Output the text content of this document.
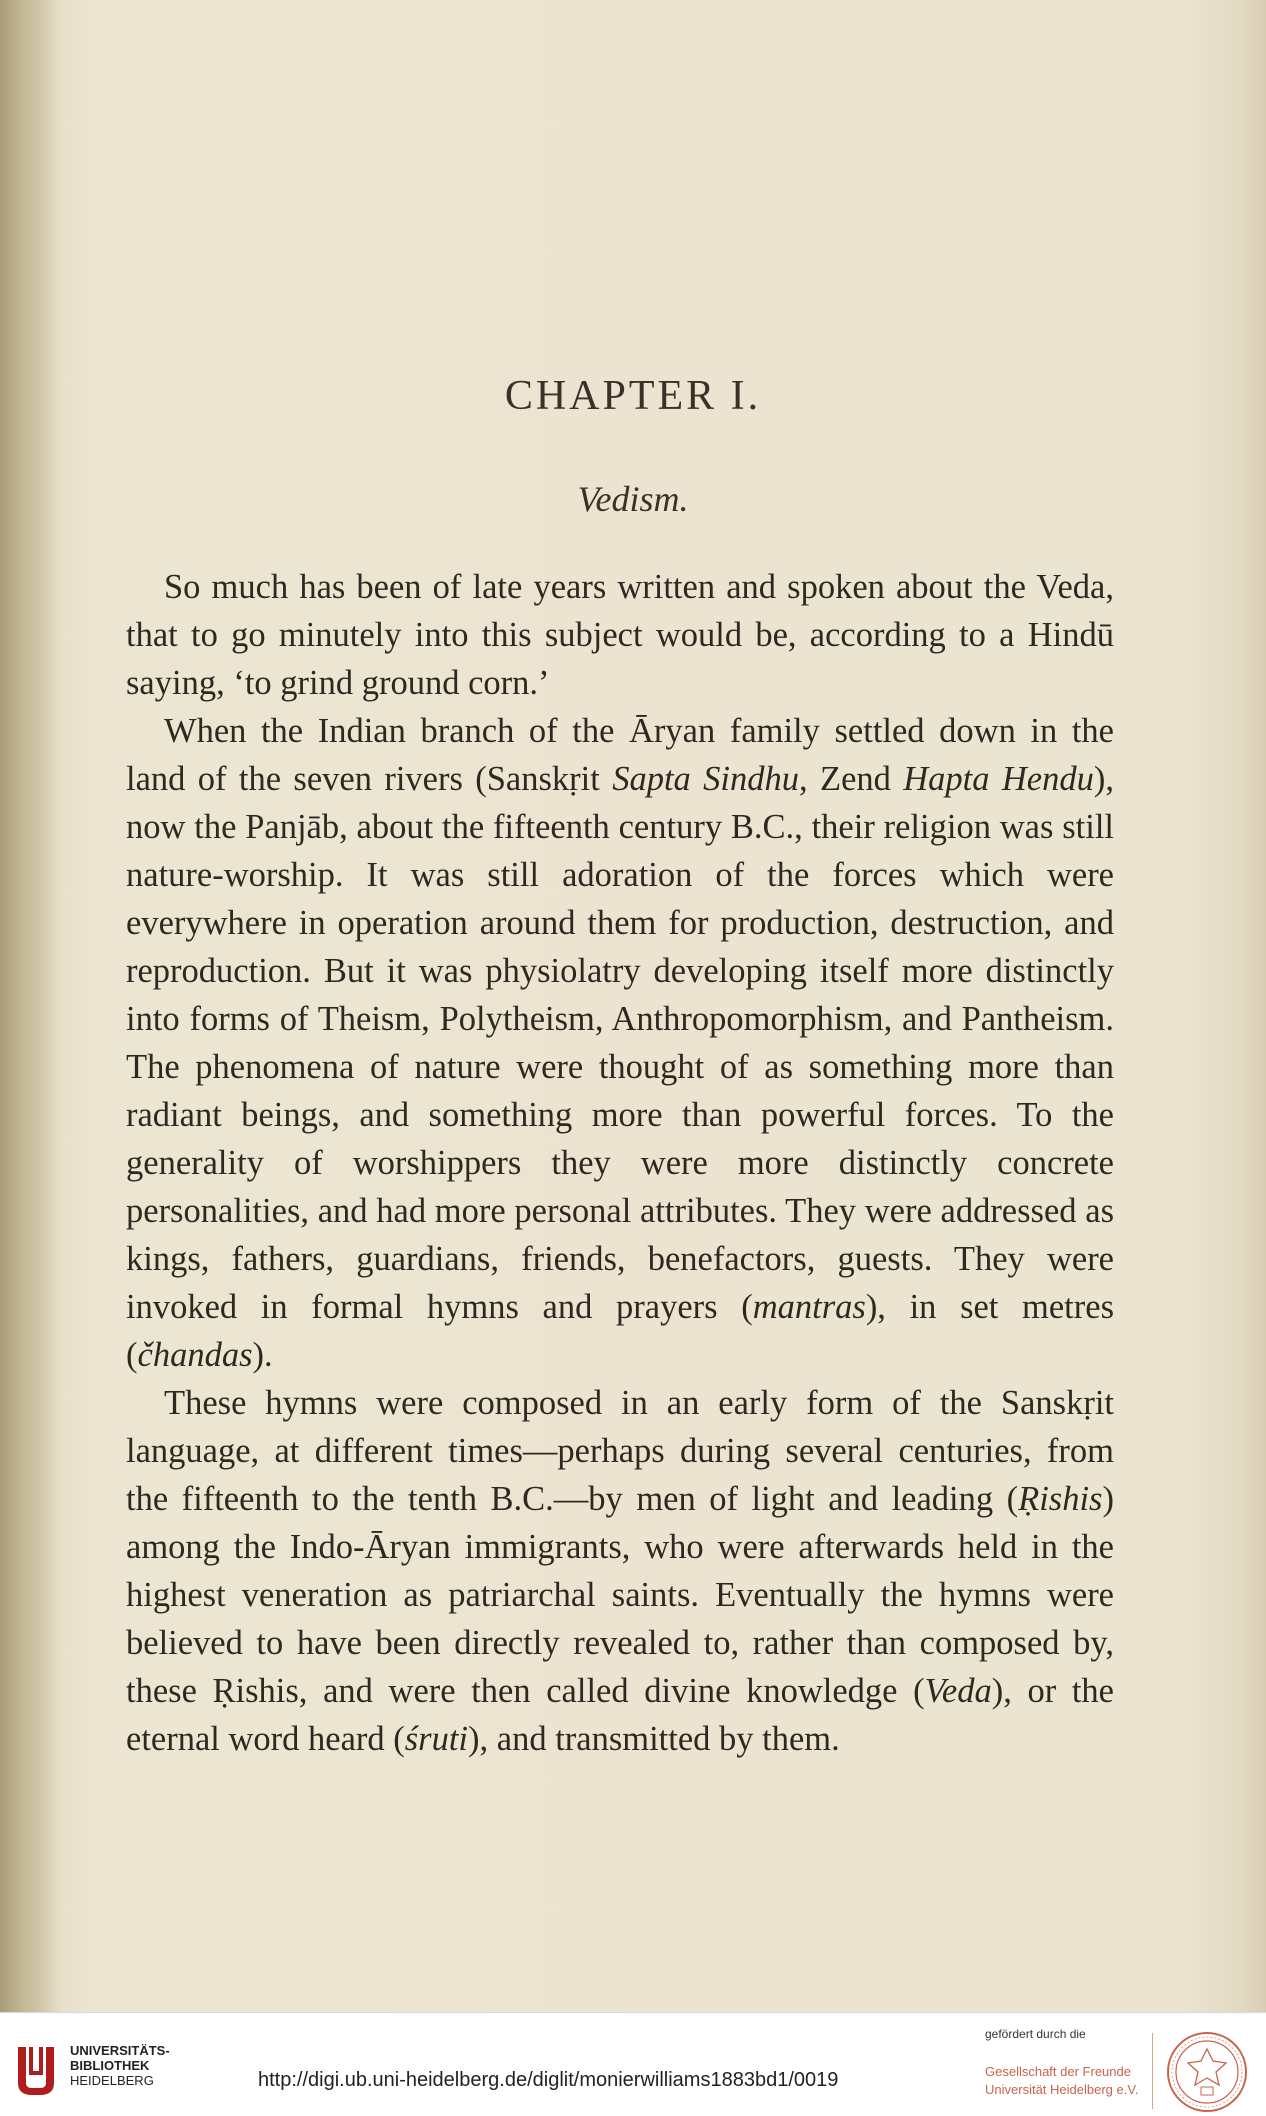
CHAPTER I.
Vedism.

So much has been of late years written and spoken about the Veda, that to go minutely into this subject would be, according to a Hindū saying, ‘to grind ground corn.’

When the Indian branch of the Āryan family settled down in the land of the seven rivers (Sanskṛit Sapta Sindhu, Zend Hapta Hendu), now the Panjāb, about the fifteenth century B.C., their religion was still nature-worship. It was still adoration of the forces which were everywhere in operation around them for production, destruction, and reproduction. But it was physiolatry developing itself more distinctly into forms of Theism, Polytheism, Anthropomorphism, and Pantheism. The phenomena of nature were thought of as something more than radiant beings, and something more than powerful forces. To the generality of worshippers they were more distinctly concrete personalities, and had more personal attributes. They were addressed as kings, fathers, guardians, friends, benefactors, guests. They were invoked in formal hymns and prayers (mantras), in set metres (čhandas).

These hymns were composed in an early form of the Sanskṛit language, at different times—perhaps during several centuries, from the fifteenth to the tenth B.C.—by men of light and leading (Ṛishis) among the Indo-Āryan immigrants, who were afterwards held in the highest veneration as patriarchal saints. Eventually the hymns were believed to have been directly revealed to, rather than composed by, these Ṛishis, and were then called divine knowledge (Veda), or the eternal word heard (śruti), and transmitted by them.

UNIVERSITÄTS-
BIBLIOTHEK
HEIDELBERG	http://digi.ub.uni-heidelberg.de/diglit/monierwilliams1883bd1/0019
gefördert durch die
Gesellschaft der Freunde
Universität Heidelberg e.V.
